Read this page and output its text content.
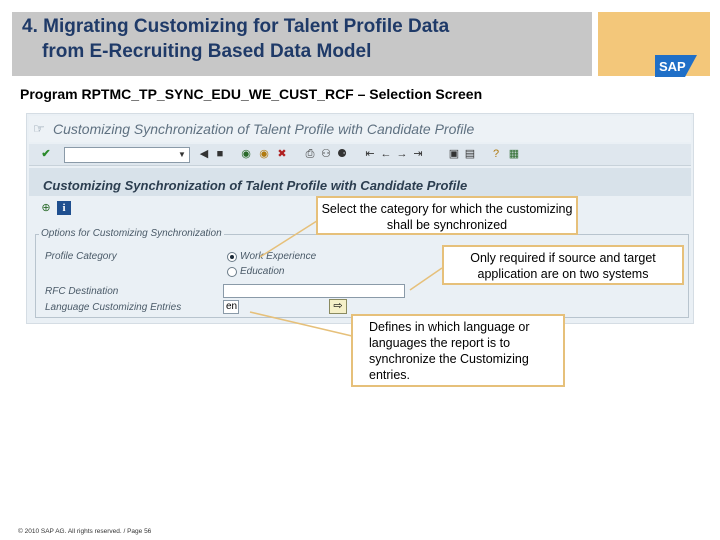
4. Migrating Customizing for Talent Profile Data
from E-Recruiting Based Data Model
SAP
Program RPTMC_TP_SYNC_EDU_WE_CUST_RCF – Selection Screen
☞ Customizing Synchronization of Talent Profile with Candidate Profile
✔	▼ ◀ ■	◉ ◉ ✖ ⎙ ⚇ ⚈ ⇤ ← → ⇥ ▣ ▤	? ▦
Customizing Synchronization of Talent Profile with Candidate Profile
⊕	i
Options for Customizing Synchronization
Profile Category	Work Experience
Education
RFC Destination
Language Customizing Entries	en	⇨
Select the category for which the customizing shall be synchronized
Only required if source and target application are on two systems
Defines in which language or languages the report is to synchronize the Customizing entries.
© 2010 SAP AG. All rights reserved. / Page 56
